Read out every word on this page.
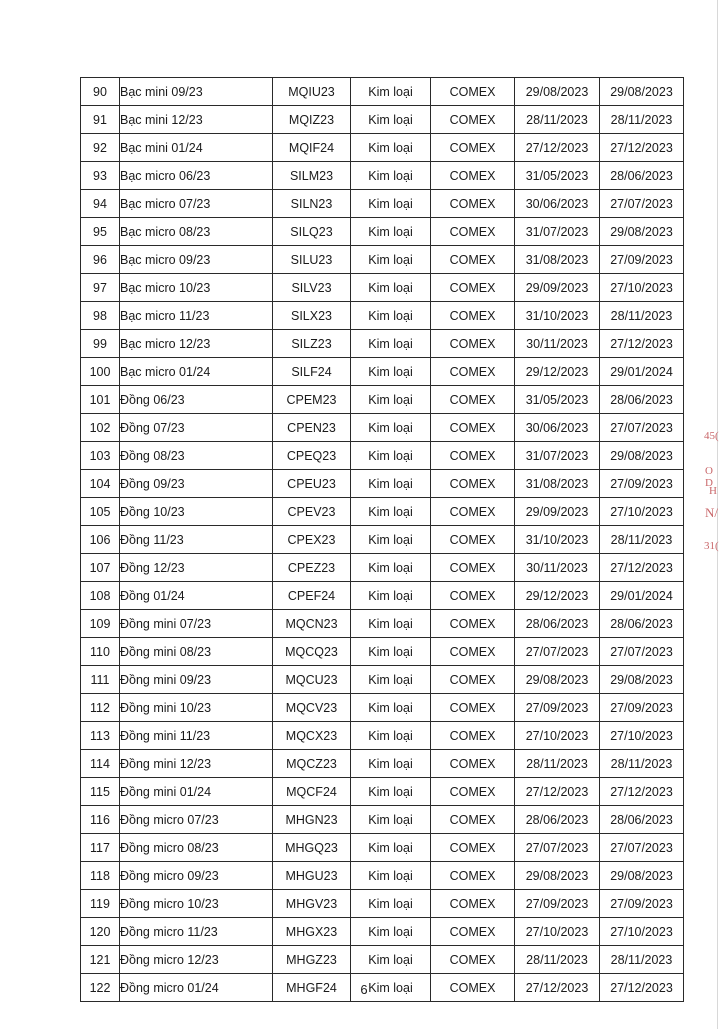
90	Bạc mini 09/23	MQIU23	Kim loại	COMEX	29/08/2023	29/08/2023
91	Bạc mini 12/23	MQIZ23	Kim loại	COMEX	28/11/2023	28/11/2023
92	Bạc mini 01/24	MQIF24	Kim loại	COMEX	27/12/2023	27/12/2023
93	Bạc micro 06/23	SILM23	Kim loại	COMEX	31/05/2023	28/06/2023
94	Bạc micro 07/23	SILN23	Kim loại	COMEX	30/06/2023	27/07/2023
95	Bạc micro 08/23	SILQ23	Kim loại	COMEX	31/07/2023	29/08/2023
96	Bạc micro 09/23	SILU23	Kim loại	COMEX	31/08/2023	27/09/2023
97	Bạc micro 10/23	SILV23	Kim loại	COMEX	29/09/2023	27/10/2023
98	Bạc micro 11/23	SILX23	Kim loại	COMEX	31/10/2023	28/11/2023
99	Bạc micro 12/23	SILZ23	Kim loại	COMEX	30/11/2023	27/12/2023
100	Bạc micro 01/24	SILF24	Kim loại	COMEX	29/12/2023	29/01/2024
101	Đồng 06/23	CPEM23	Kim loại	COMEX	31/05/2023	28/06/2023
102	Đồng 07/23	CPEN23	Kim loại	COMEX	30/06/2023	27/07/2023
103	Đồng 08/23	CPEQ23	Kim loại	COMEX	31/07/2023	29/08/2023
104	Đồng 09/23	CPEU23	Kim loại	COMEX	31/08/2023	27/09/2023
105	Đồng 10/23	CPEV23	Kim loại	COMEX	29/09/2023	27/10/2023
106	Đồng 11/23	CPEX23	Kim loại	COMEX	31/10/2023	28/11/2023
107	Đồng 12/23	CPEZ23	Kim loại	COMEX	30/11/2023	27/12/2023
108	Đồng 01/24	CPEF24	Kim loại	COMEX	29/12/2023	29/01/2024
109	Đồng mini 07/23	MQCN23	Kim loại	COMEX	28/06/2023	28/06/2023
110	Đồng mini 08/23	MQCQ23	Kim loại	COMEX	27/07/2023	27/07/2023
111	Đồng mini 09/23	MQCU23	Kim loại	COMEX	29/08/2023	29/08/2023
112	Đồng mini 10/23	MQCV23	Kim loại	COMEX	27/09/2023	27/09/2023
113	Đồng mini 11/23	MQCX23	Kim loại	COMEX	27/10/2023	27/10/2023
114	Đồng mini 12/23	MQCZ23	Kim loại	COMEX	28/11/2023	28/11/2023
115	Đồng mini 01/24	MQCF24	Kim loại	COMEX	27/12/2023	27/12/2023
116	Đồng micro 07/23	MHGN23	Kim loại	COMEX	28/06/2023	28/06/2023
117	Đồng micro 08/23	MHGQ23	Kim loại	COMEX	27/07/2023	27/07/2023
118	Đồng micro 09/23	MHGU23	Kim loại	COMEX	29/08/2023	29/08/2023
119	Đồng micro 10/23	MHGV23	Kim loại	COMEX	27/09/2023	27/09/2023
120	Đồng micro 11/23	MHGX23	Kim loại	COMEX	27/10/2023	27/10/2023
121	Đồng micro 12/23	MHGZ23	Kim loại	COMEX	28/11/2023	28/11/2023
122	Đồng micro 01/24	MHGF24	Kim loại	COMEX	27/12/2023	27/12/2023
6
45(
O D
H
N/
31(
